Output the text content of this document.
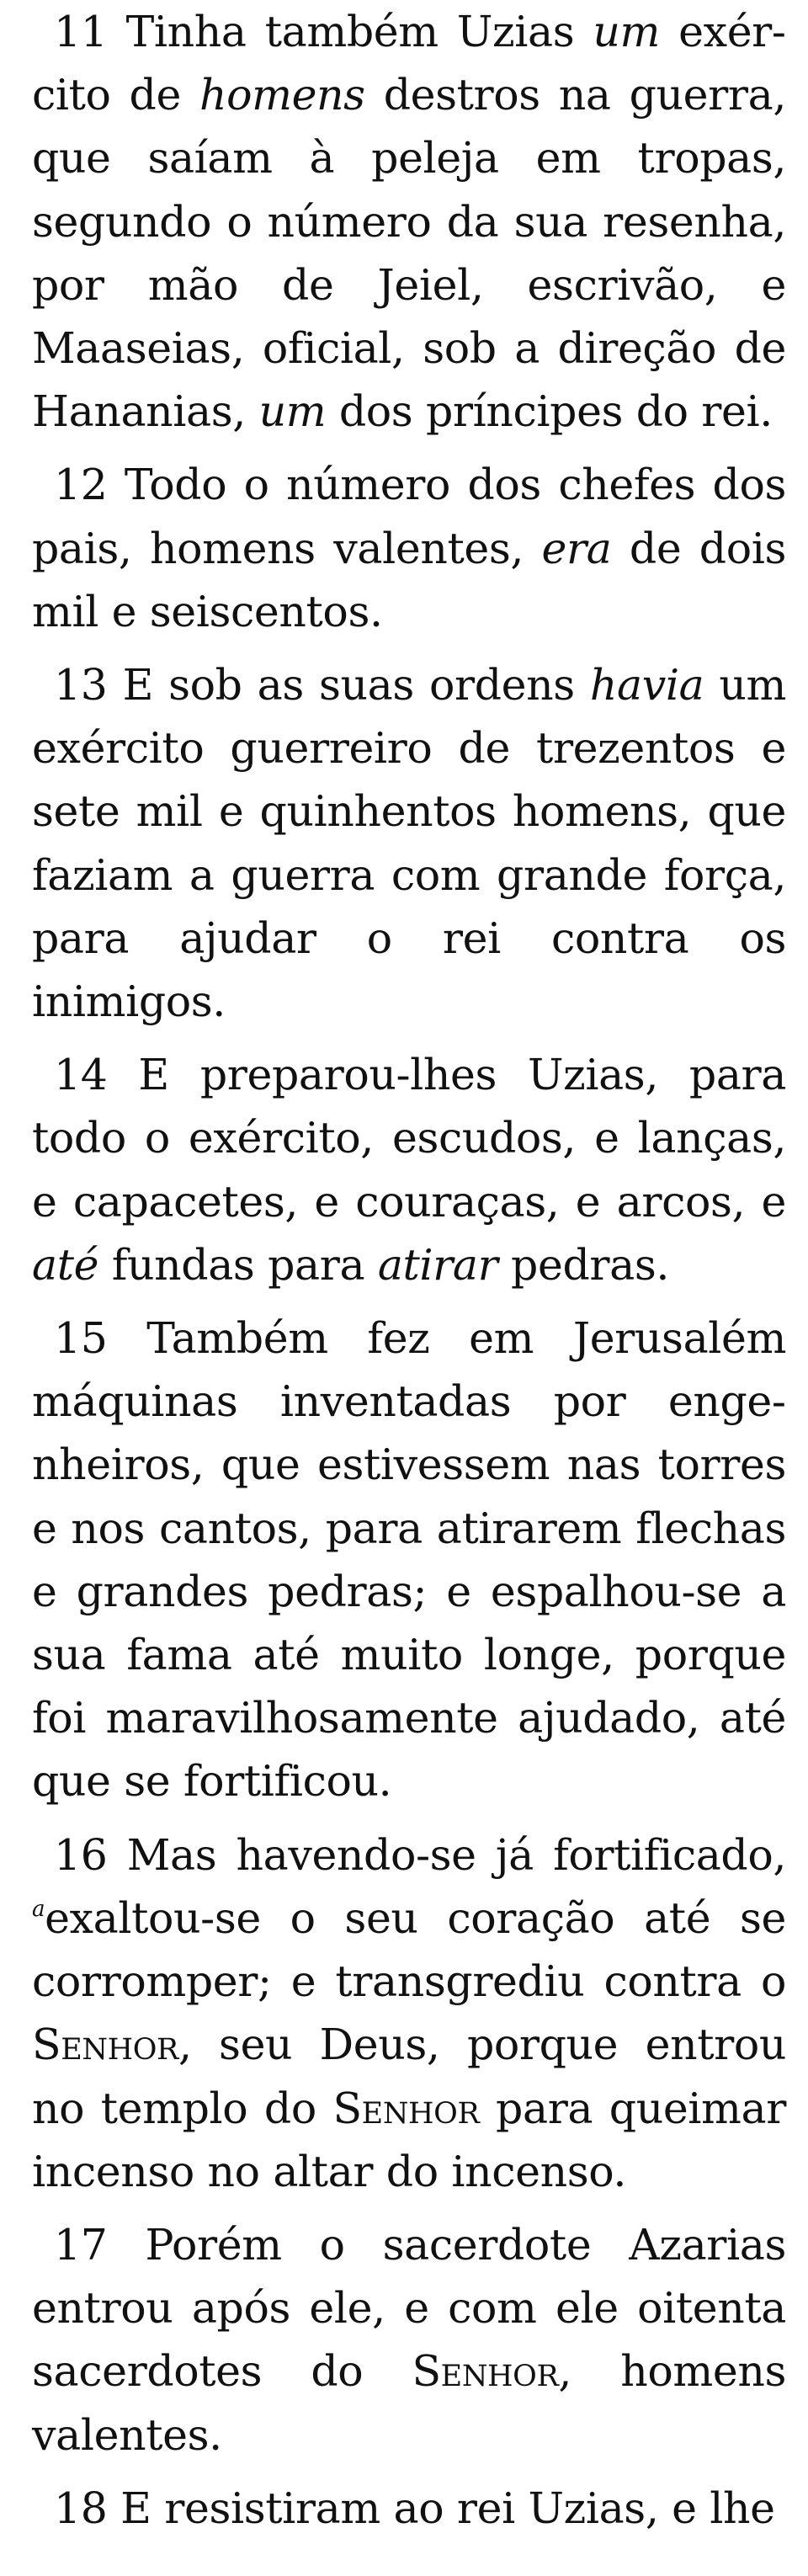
11 Tinha também Uzias um exército de homens destros na guerra, que saíam à peleja em tropas, segundo o número da sua resenha, por mão de Jeiel, escrivão, e Maaseias, oficial, sob a direção de Hananias, um dos príncipes do rei.

12 Todo o número dos chefes dos pais, homens valentes, era de dois mil e seiscentos.

13 E sob as suas ordens havia um exército guerreiro de trezentos e sete mil e quinhentos homens, que faziam a guerra com grande força, para ajudar o rei contra os inimigos.

14 E preparou-lhes Uzias, para todo o exército, escudos, e lanças, e capacetes, e couraças, e arcos, e até fundas para atirar pedras.

15 Também fez em Jerusalém máquinas inventadas por engenheiros, que estivessem nas torres e nos cantos, para atirarem flechas e grandes pedras; e espalhou-se a sua fama até muito longe, porque foi maravilhosamente ajudado, até que se fortificou.

16 Mas havendo-se já fortificado, $^a$exaltou-se o seu coração até se corromper; e transgrediu contra o Senhor, seu Deus, porque entrou no templo do Senhor para queimar incenso no altar do incenso.

17 Porém o sacerdote Azarias entrou após ele, e com ele oitenta sacerdotes do Senhor, homens valentes.

18 E resistiram ao rei Uzias, e lhe
